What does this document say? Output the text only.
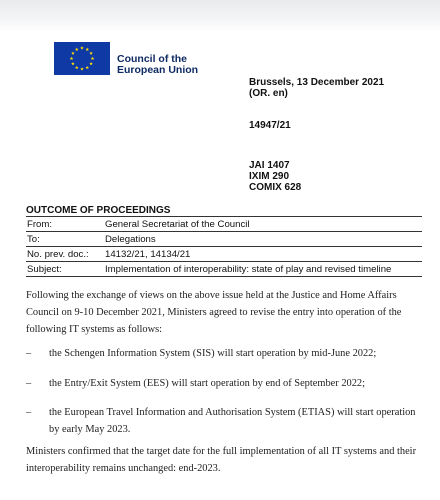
Council of the
European Union
Brussels, 13 December 2021
(OR. en)
14947/21
JAI 1407
IXIM 290
COMIX 628
OUTCOME OF PROCEEDINGS
From:	General Secretariat of the Council
To:	Delegations
No. prev. doc.:	14132/21, 14134/21
Subject:	Implementation of interoperability: state of play and revised timeline
Following the exchange of views on the above issue held at the Justice and Home Affairs Council on 9-10 December 2021, Ministers agreed to revise the entry into operation of the following IT systems as follows:
– the Schengen Information System (SIS) will start operation by mid-June 2022;
– the Entry/Exit System (EES) will start operation by end of September 2022;
– the European Travel Information and Authorisation System (ETIAS) will start operation by early May 2023.
Ministers confirmed that the target date for the full implementation of all IT systems and their interoperability remains unchanged: end-2023.
